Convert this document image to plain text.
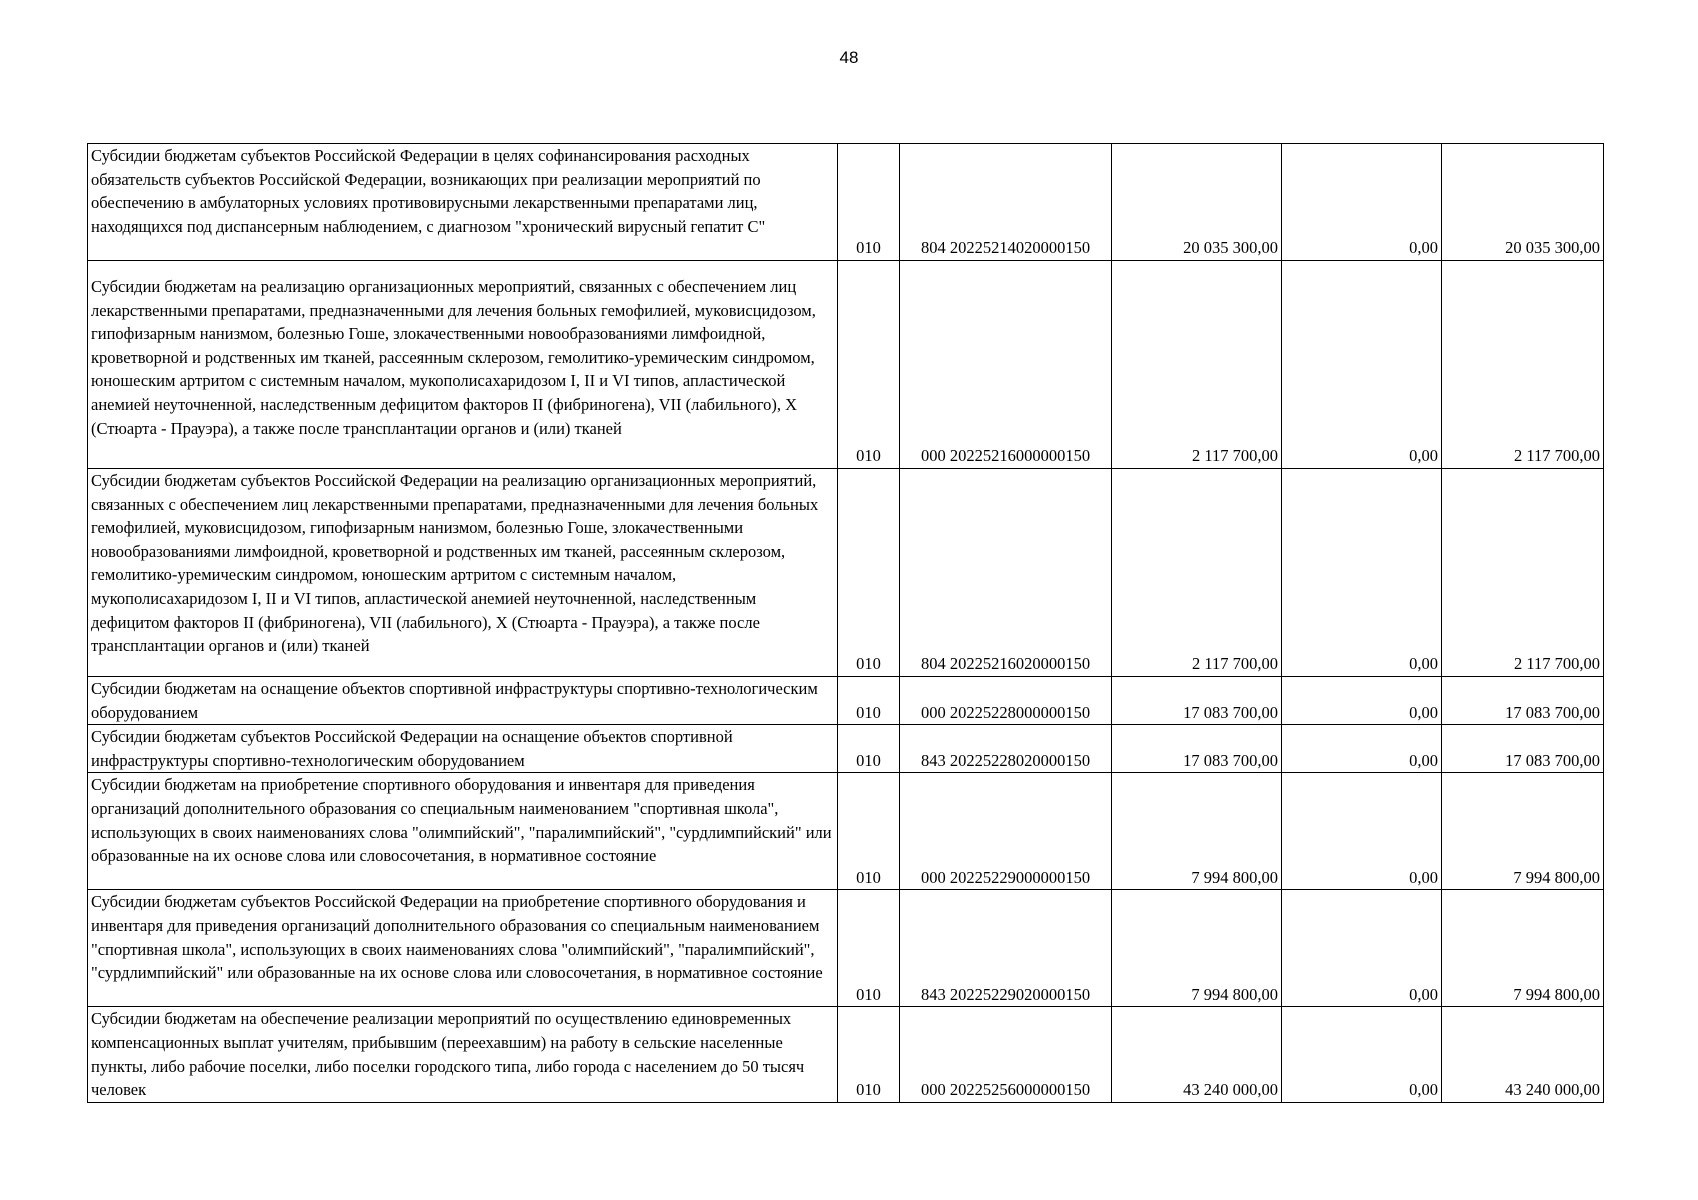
48
Субсидии бюджетам субъектов Российской Федерации в целях софинансирования расходных обязательств субъектов Российской Федерации, возникающих при реализации мероприятий по обеспечению в амбулаторных условиях противовирусными лекарственными препаратами лиц, находящихся под диспансерным наблюдением, с диагнозом "хронический вирусный гепатит С"	010	804 20225214020000150	20 035 300,00	0,00	20 035 300,00
Субсидии бюджетам на реализацию организационных мероприятий, связанных с обеспечением лиц лекарственными препаратами, предназначенными для лечения больных гемофилией, муковисцидозом, гипофизарным нанизмом, болезнью Гоше, злокачественными новообразованиями лимфоидной, кроветворной и родственных им тканей, рассеянным склерозом, гемолитико-уремическим синдромом, юношеским артритом с системным началом, мукополисахаридозом I, II и VI типов, апластической анемией неуточненной, наследственным дефицитом факторов II (фибриногена), VII (лабильного), X (Стюарта - Прауэра), а также после трансплантации органов и (или) тканей	010	000 20225216000000150	2 117 700,00	0,00	2 117 700,00
Субсидии бюджетам субъектов Российской Федерации на реализацию организационных мероприятий, связанных с обеспечением лиц лекарственными препаратами, предназначенными для лечения больных гемофилией, муковисцидозом, гипофизарным нанизмом, болезнью Гоше, злокачественными новообразованиями лимфоидной, кроветворной и родственных им тканей, рассеянным склерозом, гемолитико-уремическим синдромом, юношеским артритом с системным началом, мукополисахаридозом I, II и VI типов, апластической анемией неуточненной, наследственным дефицитом факторов II (фибриногена), VII (лабильного), X (Стюарта - Прауэра), а также после трансплантации органов и (или) тканей	010	804 20225216020000150	2 117 700,00	0,00	2 117 700,00
Субсидии бюджетам на оснащение объектов спортивной инфраструктуры спортивно-технологическим оборудованием	010	000 20225228000000150	17 083 700,00	0,00	17 083 700,00
Субсидии бюджетам субъектов Российской Федерации на оснащение объектов спортивной инфраструктуры спортивно-технологическим оборудованием	010	843 20225228020000150	17 083 700,00	0,00	17 083 700,00
Субсидии бюджетам на приобретение спортивного оборудования и инвентаря для приведения организаций дополнительного образования со специальным наименованием "спортивная школа", использующих в своих наименованиях слова "олимпийский", "паралимпийский", "сурдлимпийский" или образованные на их основе слова или словосочетания, в нормативное состояние	010	000 20225229000000150	7 994 800,00	0,00	7 994 800,00
Субсидии бюджетам субъектов Российской Федерации на приобретение спортивного оборудования и инвентаря для приведения организаций дополнительного образования со специальным наименованием "спортивная школа", использующих в своих наименованиях слова "олимпийский", "паралимпийский", "сурдлимпийский" или образованные на их основе слова или словосочетания, в нормативное состояние	010	843 20225229020000150	7 994 800,00	0,00	7 994 800,00
Субсидии бюджетам на обеспечение реализации мероприятий по осуществлению единовременных компенсационных выплат учителям, прибывшим (переехавшим) на работу в сельские населенные пункты, либо рабочие поселки, либо поселки городского типа, либо города с населением до 50 тысяч человек	010	000 20225256000000150	43 240 000,00	0,00	43 240 000,00
